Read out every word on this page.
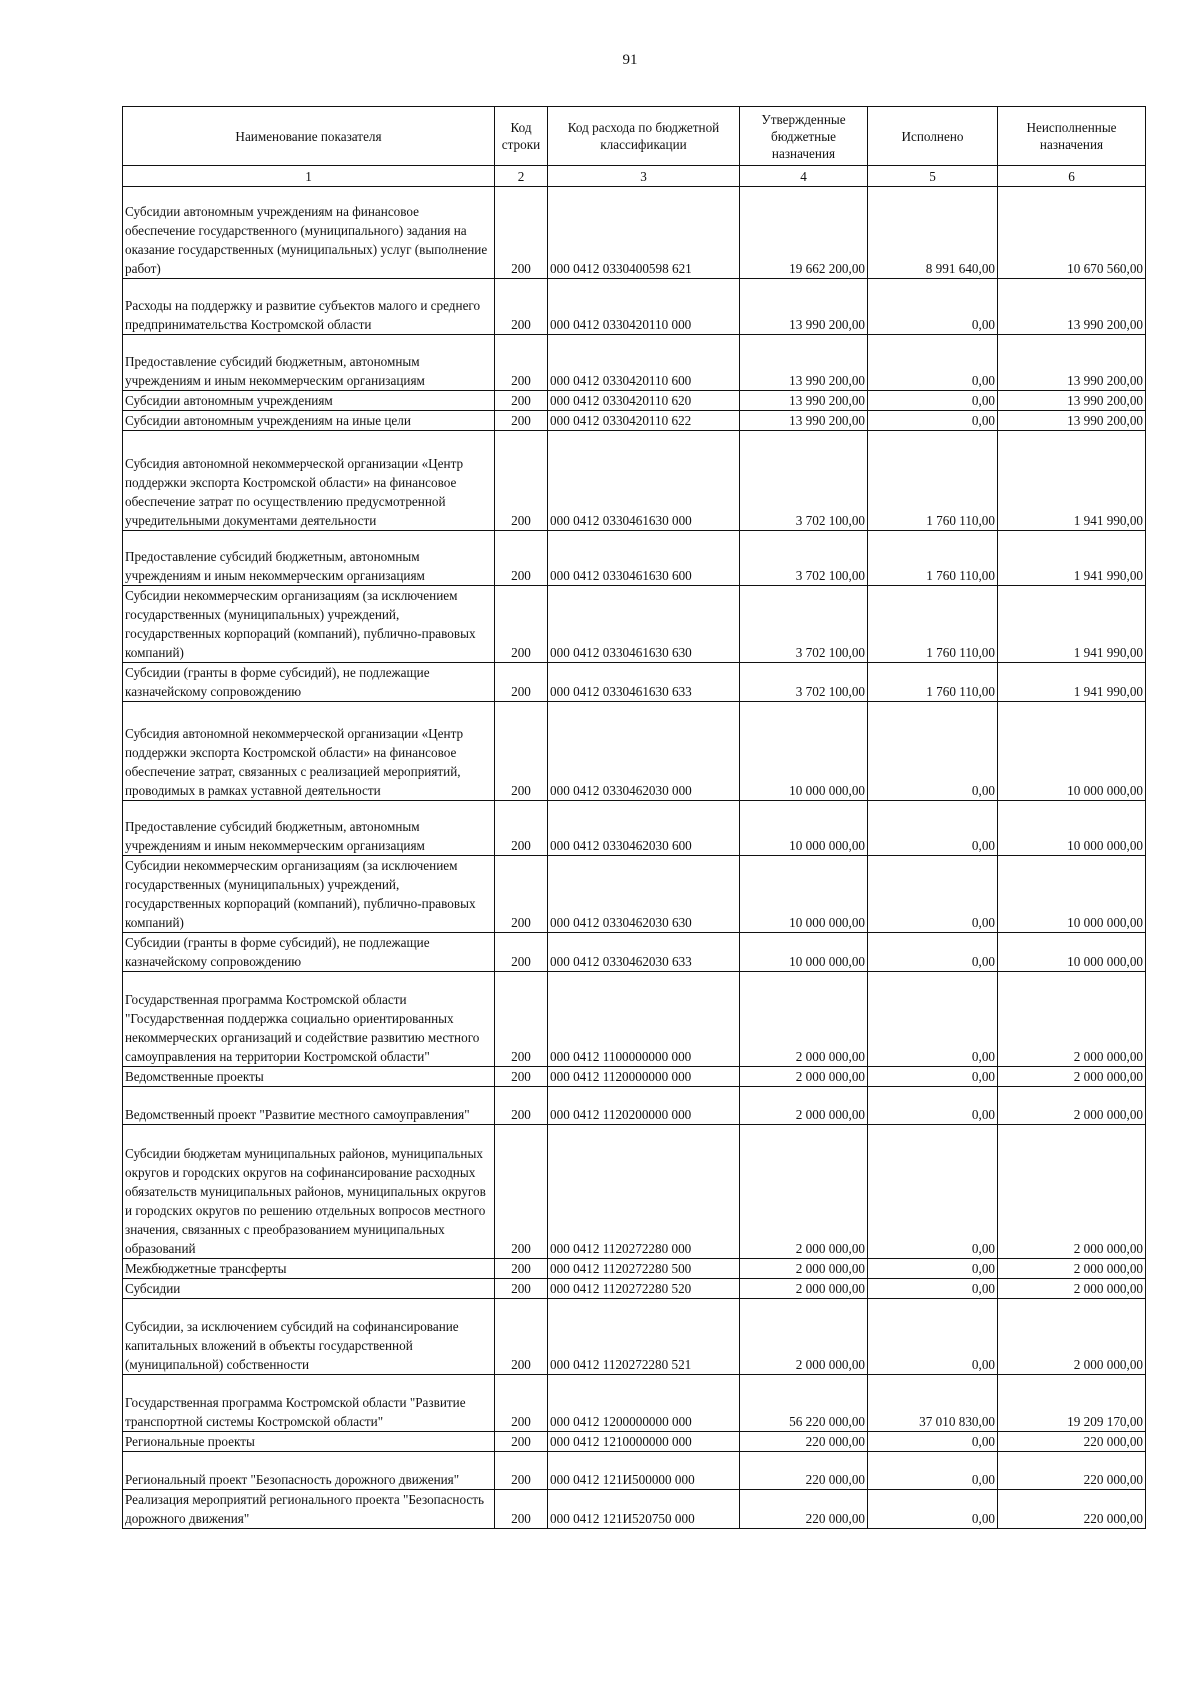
91
Наименование показателя	Код строки	Код расхода по бюджетной классификации	Утвержденные бюджетные назначения	Исполнено	Неисполненные назначения
1	2	3	4	5	6
Субсидии автономным учреждениям на финансовое обеспечение государственного (муниципального) задания на оказание государственных (муниципальных) услуг (выполнение работ)	200	000 0412 0330400598 621	19 662 200,00	8 991 640,00	10 670 560,00
Расходы на поддержку и развитие субъектов малого и среднего предпринимательства Костромской области	200	000 0412 0330420110 000	13 990 200,00	0,00	13 990 200,00
Предоставление субсидий бюджетным, автономным учреждениям и иным некоммерческим организациям	200	000 0412 0330420110 600	13 990 200,00	0,00	13 990 200,00
Субсидии автономным учреждениям	200	000 0412 0330420110 620	13 990 200,00	0,00	13 990 200,00
Субсидии автономным учреждениям на иные цели	200	000 0412 0330420110 622	13 990 200,00	0,00	13 990 200,00
Субсидия автономной некоммерческой организации «Центр поддержки экспорта Костромской области» на финансовое обеспечение затрат по осуществлению предусмотренной учредительными документами деятельности	200	000 0412 0330461630 000	3 702 100,00	1 760 110,00	1 941 990,00
Предоставление субсидий бюджетным, автономным учреждениям и иным некоммерческим организациям	200	000 0412 0330461630 600	3 702 100,00	1 760 110,00	1 941 990,00
Субсидии некоммерческим организациям (за исключением государственных (муниципальных) учреждений, государственных корпораций (компаний), публично-правовых компаний)	200	000 0412 0330461630 630	3 702 100,00	1 760 110,00	1 941 990,00
Субсидии (гранты в форме субсидий), не подлежащие казначейскому сопровождению	200	000 0412 0330461630 633	3 702 100,00	1 760 110,00	1 941 990,00
Субсидия автономной некоммерческой организации «Центр поддержки экспорта Костромской области» на финансовое обеспечение затрат, связанных с реализацией мероприятий, проводимых в рамках уставной деятельности	200	000 0412 0330462030 000	10 000 000,00	0,00	10 000 000,00
Предоставление субсидий бюджетным, автономным учреждениям и иным некоммерческим организациям	200	000 0412 0330462030 600	10 000 000,00	0,00	10 000 000,00
Субсидии некоммерческим организациям (за исключением государственных (муниципальных) учреждений, государственных корпораций (компаний), публично-правовых компаний)	200	000 0412 0330462030 630	10 000 000,00	0,00	10 000 000,00
Субсидии (гранты в форме субсидий), не подлежащие казначейскому сопровождению	200	000 0412 0330462030 633	10 000 000,00	0,00	10 000 000,00
Государственная программа Костромской области "Государственная поддержка социально ориентированных некоммерческих организаций и содействие развитию местного самоуправления на территории Костромской области"	200	000 0412 1100000000 000	2 000 000,00	0,00	2 000 000,00
Ведомственные проекты	200	000 0412 1120000000 000	2 000 000,00	0,00	2 000 000,00
Ведомственный проект "Развитие местного самоуправления"	200	000 0412 1120200000 000	2 000 000,00	0,00	2 000 000,00
Субсидии бюджетам муниципальных районов, муниципальных округов и городских округов на софинансирование расходных обязательств муниципальных районов, муниципальных округов и городских округов по решению отдельных вопросов местного значения, связанных с преобразованием муниципальных образований	200	000 0412 1120272280 000	2 000 000,00	0,00	2 000 000,00
Межбюджетные трансферты	200	000 0412 1120272280 500	2 000 000,00	0,00	2 000 000,00
Субсидии	200	000 0412 1120272280 520	2 000 000,00	0,00	2 000 000,00
Субсидии, за исключением субсидий на софинансирование капитальных вложений в объекты государственной (муниципальной) собственности	200	000 0412 1120272280 521	2 000 000,00	0,00	2 000 000,00
Государственная программа Костромской области "Развитие транспортной системы Костромской области"	200	000 0412 1200000000 000	56 220 000,00	37 010 830,00	19 209 170,00
Региональные проекты	200	000 0412 1210000000 000	220 000,00	0,00	220 000,00
Региональный проект "Безопасность дорожного движения"	200	000 0412 121И500000 000	220 000,00	0,00	220 000,00
Реализация мероприятий регионального проекта "Безопасность дорожного движения"	200	000 0412 121И520750 000	220 000,00	0,00	220 000,00
